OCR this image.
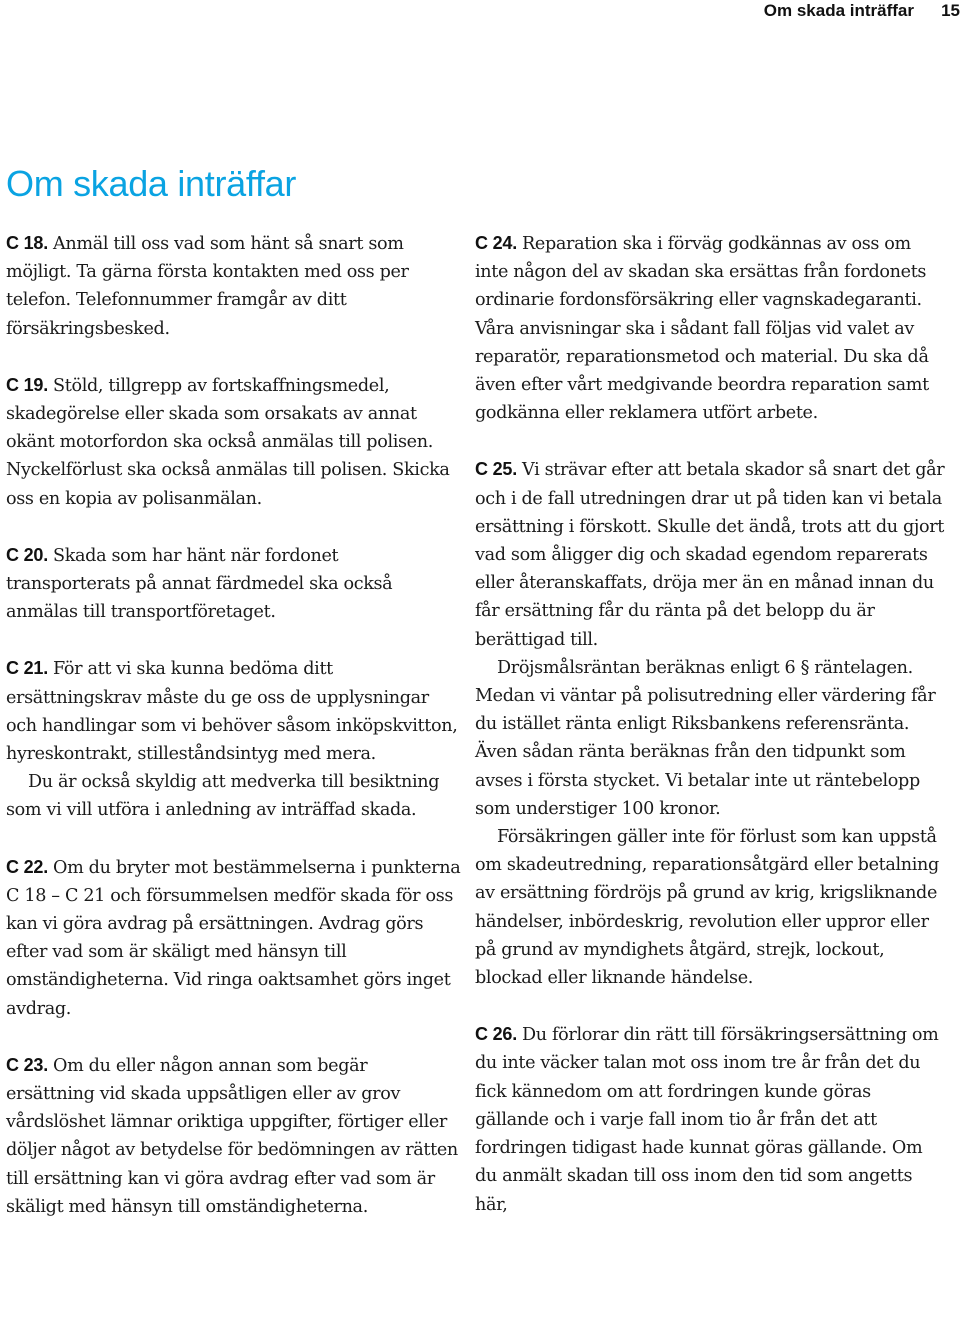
Om skada inträffar 15
Om skada inträffar

C 18. Anmäl till oss vad som hänt så snart som möjligt. Ta gärna första kontakten med oss per telefon. Telefonnummer framgår av ditt försäkringsbesked.

C 19. Stöld, tillgrepp av fortskaffningsmedel, skadegörelse eller skada som orsakats av annat okänt motorfordon ska också anmälas till polisen. Nyckelförlust ska också anmälas till polisen. Skicka oss en kopia av polisanmälan.

C 20. Skada som har hänt när fordonet transporterats på annat färdmedel ska också anmälas till transportföretaget.

C 21. För att vi ska kunna bedöma ditt ersättningskrav måste du ge oss de upplysningar och handlingar som vi behöver såsom inköpskvitton, hyreskontrakt, stilleståndsintyg med mera.

Du är också skyldig att medverka till besiktning som vi vill utföra i anledning av inträffad skada.

C 22. Om du bryter mot bestämmelserna i punkterna C 18 – C 21 och försummelsen medför skada för oss kan vi göra avdrag på ersättningen. Avdrag görs efter vad som är skäligt med hänsyn till omständigheterna. Vid ringa oaktsamhet görs inget avdrag.

C 23. Om du eller någon annan som begär ersättning vid skada uppsåtligen eller av grov vårdslöshet lämnar oriktiga uppgifter, förtiger eller döljer något av betydelse för bedömningen av rätten till ersättning kan vi göra avdrag efter vad som är skäligt med hänsyn till omständigheterna.

C 24. Reparation ska i förväg godkännas av oss om inte någon del av skadan ska ersättas från fordonets ordinarie fordonsförsäkring eller vagnskadegaranti. Våra anvisningar ska i sådant fall följas vid valet av reparatör, reparationsmetod och material. Du ska då även efter vårt medgivande beordra reparation samt godkänna eller reklamera utfört arbete.

C 25. Vi strävar efter att betala skador så snart det går och i de fall utredningen drar ut på tiden kan vi betala ersättning i förskott. Skulle det ändå, trots att du gjort vad som åligger dig och skadad egendom reparerats eller återanskaffats, dröja mer än en månad innan du får ersättning får du ränta på det belopp du är berättigad till.

Dröjsmålsräntan beräknas enligt 6 § räntelagen. Medan vi väntar på polisutredning eller värdering får du istället ränta enligt Riksbankens referensränta. Även sådan ränta beräknas från den tidpunkt som avses i första stycket. Vi betalar inte ut räntebelopp som understiger 100 kronor.

Försäkringen gäller inte för förlust som kan uppstå om skadeutredning, reparationsåtgärd eller betalning av ersättning fördröjs på grund av krig, krigsliknande händelser, inbördeskrig, revolution eller uppror eller på grund av myndighets åtgärd, strejk, lockout, blockad eller liknande händelse.

C 26. Du förlorar din rätt till försäkringsersättning om du inte väcker talan mot oss inom tre år från det du fick kännedom om att fordringen kunde göras gällande och i varje fall inom tio år från det att fordringen tidigast hade kunnat göras gällande. Om du anmält skadan till oss inom den tid som angetts här,
